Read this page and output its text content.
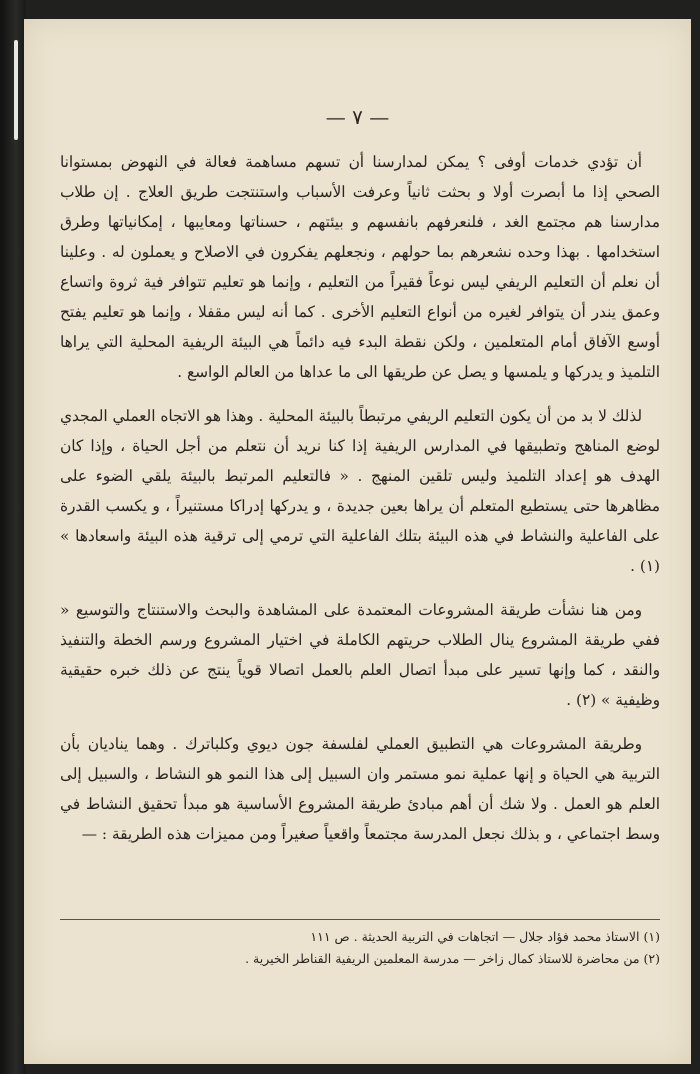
— ٧ —

أن تؤدي خدمات أوفى ؟ يمكن لمدارسنا أن تسهم مساهمة فعالة في النهوض بمستوانا الصحي إذا ما أبصرت أولا و بحثت ثانياً وعرفت الأسباب واستنتجت طريق العلاج . إن طلاب مدارسنا هم مجتمع الغد ، فلنعرفهم بانفسهم و بيئتهم ، حسناتها ومعايبها ، إمكانياتها وطرق استخدامها . بهذا وحده نشعرهم بما حولهم ، ونجعلهم يفكرون في الاصلاح و يعملون له . وعلينا أن نعلم أن التعليم الريفي ليس نوعاً فقيراً من التعليم ، وإنما هو تعليم تتوافر فية ثروة واتساع وعمق يندر أن يتوافر لغيره من أنواع التعليم الأخرى . كما أنه ليس مقفلا ، وإنما هو تعليم يفتح أوسع الآفاق أمام المتعلمين ، ولكن نقطة البدء فيه دائماً هي البيئة الريفية المحلية التي يراها التلميذ و يدركها و يلمسها و يصل عن طريقها الى ما عداها من العالم الواسع .

لذلك لا بد من أن يكون التعليم الريفي مرتبطاً بالبيئة المحلية . وهذا هو الاتجاه العملي المجدي لوضع المناهج وتطبيقها في المدارس الريفية إذا كنا نريد أن نتعلم من أجل الحياة ، وإذا كان الهدف هو إعداد التلميذ وليس تلقين المنهج . « فالتعليم المرتبط بالبيئة يلقي الضوء على مظاهرها حتى يستطيع المتعلم أن يراها بعين جديدة ، و يدركها إدراكا مستنيراً ، و يكسب القدرة على الفاعلية والنشاط في هذه البيئة بتلك الفاعلية التي ترمي إلى ترقية هذه البيئة واسعادها » (١) .

ومن هنا نشأت طريقة المشروعات المعتمدة على المشاهدة والبحث والاستنتاج والتوسيع « ففي طريقة المشروع ينال الطلاب حريتهم الكاملة في اختيار المشروع ورسم الخطة والتنفيذ والنقد ، كما وإنها تسير على مبدأ اتصال العلم بالعمل اتصالا قوياً ينتج عن ذلك خبره حقيقية وظيفية » (٢) .

وطريقة المشروعات هي التطبيق العملي لفلسفة جون ديوي وكلباترك . وهما يناديان بأن التربية هي الحياة و إنها عملية نمو مستمر وان السبيل إلى هذا النمو هو النشاط ، والسبيل إلى العلم هو العمل . ولا شك أن أهم مبادئ طريقة المشروع الأساسية هو مبدأ تحقيق النشاط في وسط اجتماعي ، و بذلك نجعل المدرسة مجتمعاً واقعياً صغيراً ومن مميزات هذه الطريقة : —

(١) الاستاذ محمد فؤاد جلال — اتجاهات في التربية الحديثة . ص ١١١
(٢) من محاضرة للاستاذ كمال زاخر — مدرسة المعلمين الريفية القناطر الخيرية .
